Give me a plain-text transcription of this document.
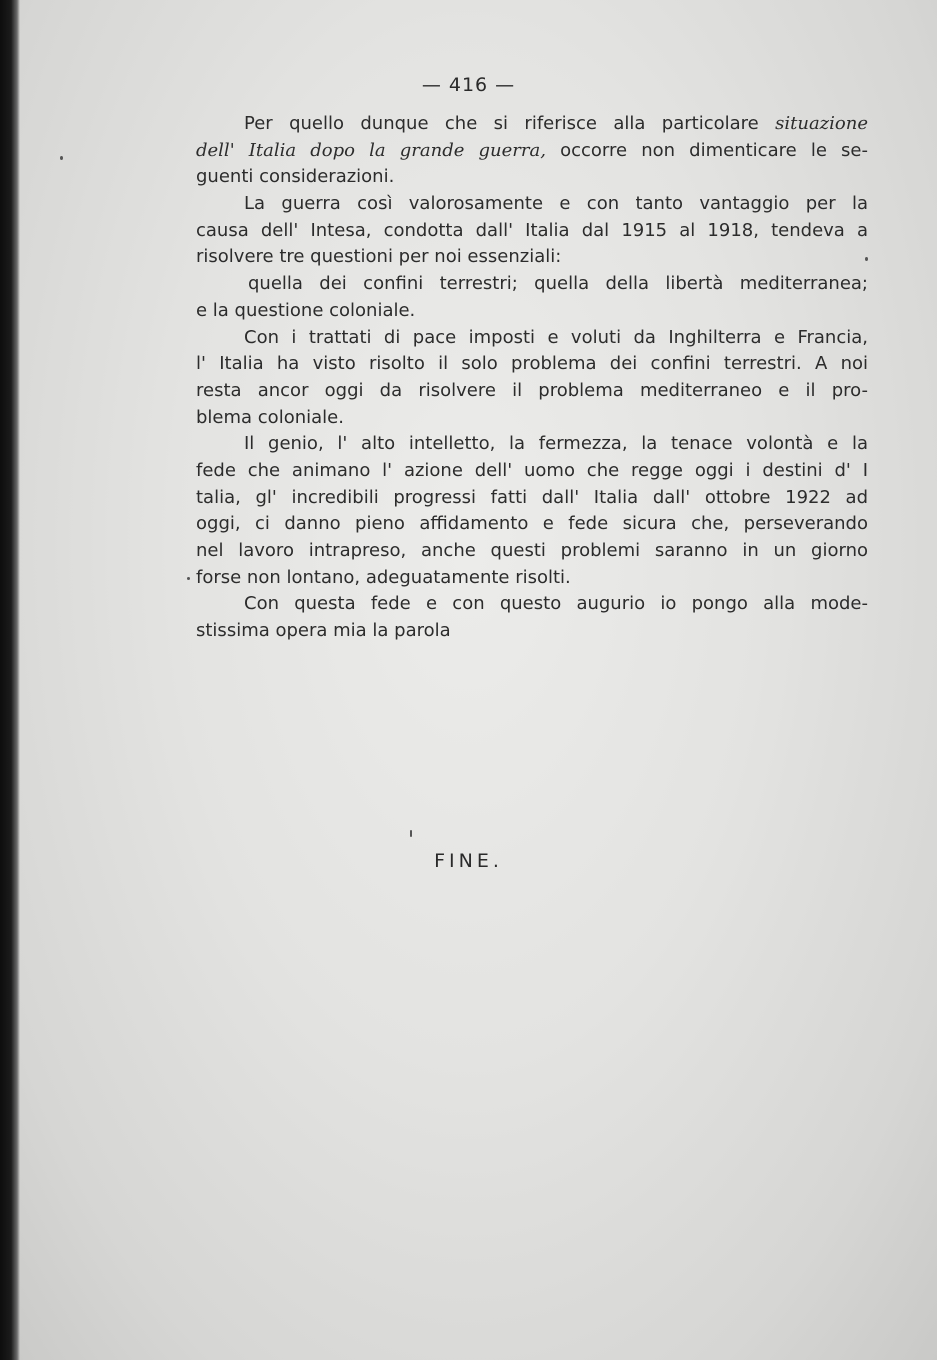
— 416 —
Per quello dunque che si riferisce alla particolare situazione
dell' Italia dopo la grande guerra, occorre non dimenticare le se-
guenti considerazioni.
La guerra così valorosamente e con tanto vantaggio per la
causa dell' Intesa, condotta dall' Italia dal 1915 al 1918, tendeva a
risolvere tre questioni per noi essenziali:
quella dei confini terrestri; quella della libertà mediterranea;
e la questione coloniale.
Con i trattati di pace imposti e voluti da Inghilterra e Francia,
l' Italia ha visto risolto il solo problema dei confini terrestri. A noi
resta ancor oggi da risolvere il problema mediterraneo e il pro-
blema coloniale.
Il genio, l' alto intelletto, la fermezza, la tenace volontà e la
fede che animano l' azione dell' uomo che regge oggi i destini d' I
talia, gl' incredibili progressi fatti dall' Italia dall' ottobre 1922 ad
oggi, ci danno pieno affidamento e fede sicura che, perseverando
nel lavoro intrapreso, anche questi problemi saranno in un giorno
forse non lontano, adeguatamente risolti.
Con questa fede e con questo augurio io pongo alla mode-
stissima opera mia la parola
FINE.
